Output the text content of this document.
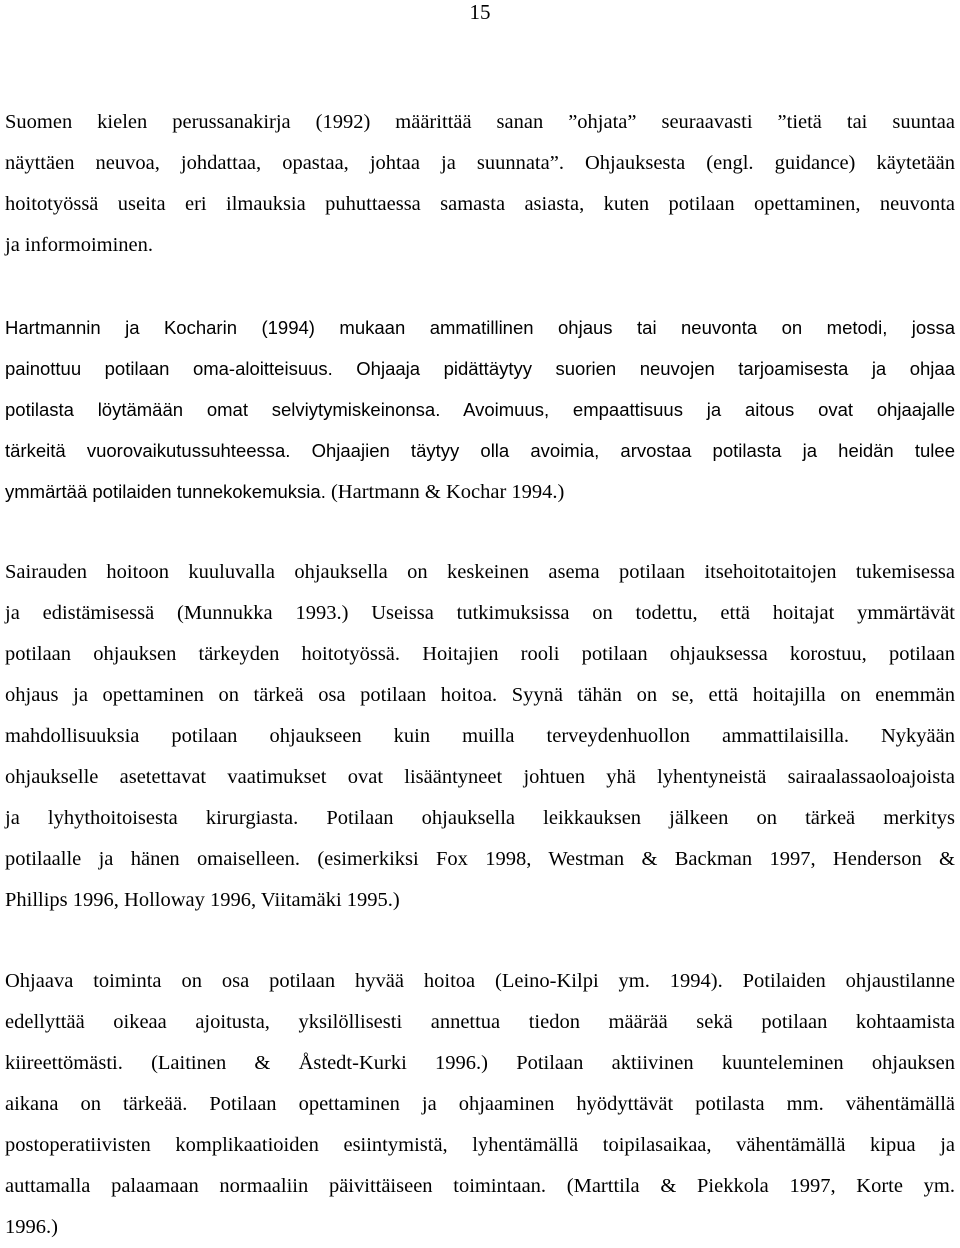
15

Suomen kielen perussanakirja (1992) määrittää sanan ”ohjata” seuraavasti ”tietä tai suuntaa
näyttäen neuvoa, johdattaa, opastaa, johtaa ja suunnata”. Ohjauksesta (engl. guidance) käytetään
hoitotyössä useita eri ilmauksia puhuttaessa samasta asiasta, kuten potilaan opettaminen, neuvonta
ja informoiminen.

Hartmannin ja Kocharin (1994) mukaan ammatillinen ohjaus tai neuvonta on metodi, jossa
painottuu potilaan oma-aloitteisuus. Ohjaaja pidättäytyy suorien neuvojen tarjoamisesta ja ohjaa
potilasta löytämään omat selviytymiskeinonsa. Avoimuus, empaattisuus ja aitous ovat ohjaajalle
tärkeitä vuorovaikutussuhteessa. Ohjaajien täytyy olla avoimia, arvostaa potilasta ja heidän tulee
ymmärtää potilaiden tunnekokemuksia. (Hartmann & Kochar 1994.)

Sairauden hoitoon kuuluvalla ohjauksella on keskeinen asema potilaan itsehoitotaitojen tukemisessa
ja edistämisessä (Munnukka 1993.) Useissa tutkimuksissa on todettu, että hoitajat ymmärtävät
potilaan ohjauksen tärkeyden hoitotyössä. Hoitajien rooli potilaan ohjauksessa korostuu, potilaan
ohjaus ja opettaminen on tärkeä osa potilaan hoitoa. Syynä tähän on se, että hoitajilla on enemmän
mahdollisuuksia potilaan ohjaukseen kuin muilla terveydenhuollon ammattilaisilla. Nykyään
ohjaukselle asetettavat vaatimukset ovat lisääntyneet johtuen yhä lyhentyneistä sairaalassaoloajoista
ja lyhythoitoisesta kirurgiasta. Potilaan ohjauksella leikkauksen jälkeen on tärkeä merkitys
potilaalle ja hänen omaiselleen. (esimerkiksi Fox 1998, Westman & Backman 1997, Henderson &
Phillips 1996, Holloway 1996, Viitamäki 1995.)

Ohjaava toiminta on osa potilaan hyvää hoitoa (Leino-Kilpi ym. 1994). Potilaiden ohjaustilanne
edellyttää oikeaa ajoitusta, yksilöllisesti annettua tiedon määrää sekä potilaan kohtaamista
kiireettömästi. (Laitinen & Åstedt-Kurki 1996.) Potilaan aktiivinen kuunteleminen ohjauksen
aikana on tärkeää. Potilaan opettaminen ja ohjaaminen hyödyttävät potilasta mm. vähentämällä
postoperatiivisten komplikaatioiden esiintymistä, lyhentämällä toipilasaikaa, vähentämällä kipua ja
auttamalla palaamaan normaaliin päivittäiseen toimintaan. (Marttila & Piekkola 1997, Korte ym.
1996.)
